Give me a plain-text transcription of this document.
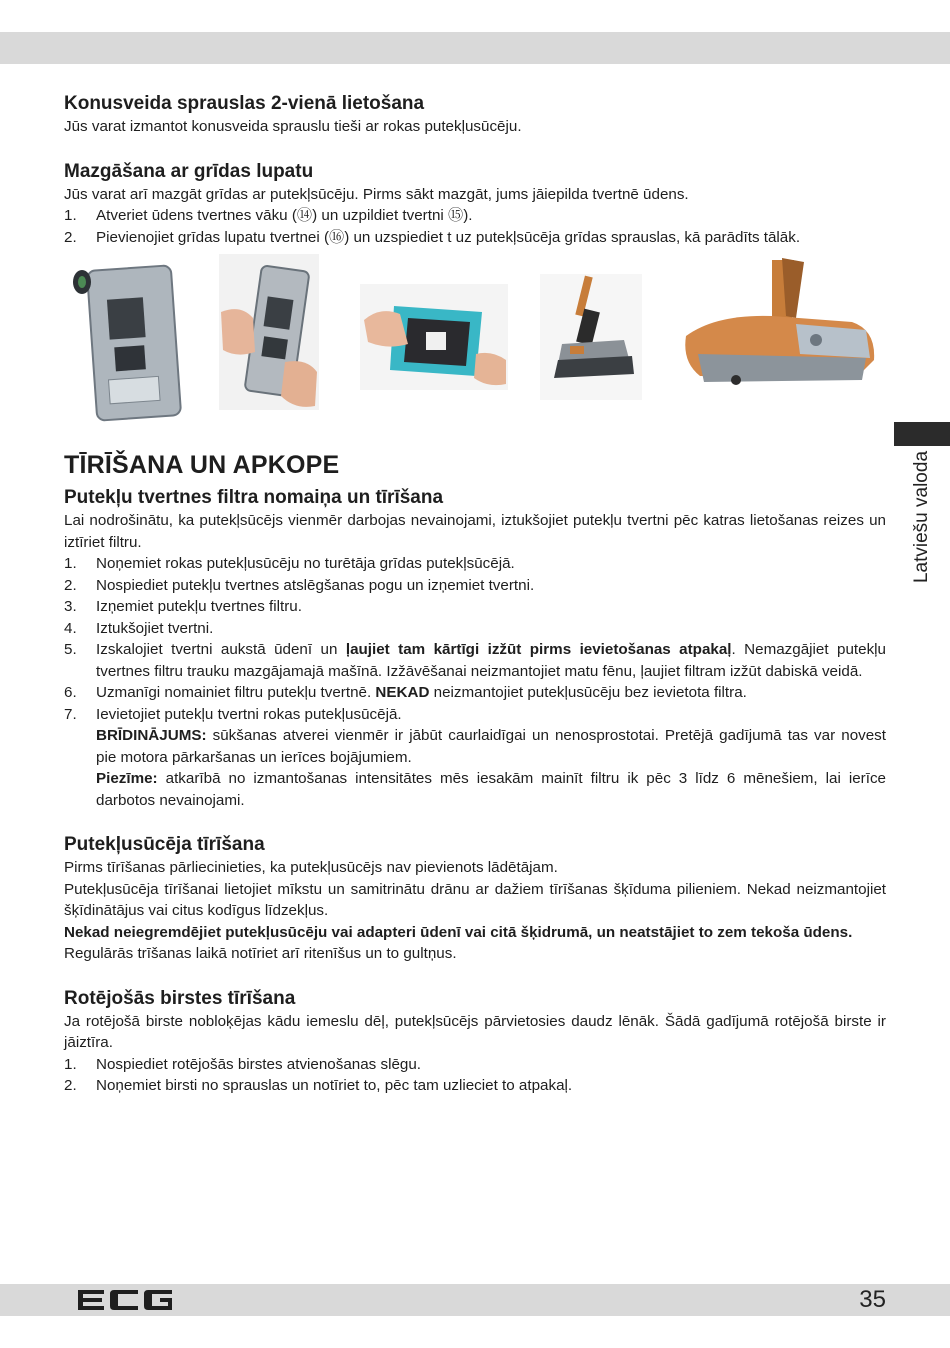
Latviešu valoda
Konusveida sprauslas 2-vienā lietošana

Jūs varat izmantot konusveida sprauslu tieši ar rokas putekļusūcēju.

Mazgāšana ar grīdas lupatu

Jūs varat arī mazgāt grīdas ar putekļsūcēju. Pirms sākt mazgāt, jums jāiepilda tvertnē ūdens.

1.	Atveriet ūdens tvertnes vāku (⑭) un uzpildiet tvertni ⑮).
2.	Pievienojiet grīdas lupatu tvertnei (⑯) un uzspiediet t uz putekļsūcēja grīdas sprauslas, kā parādīts tālāk.
TĪRĪŠANA UN APKOPE
Putekļu tvertnes filtra nomaiņa un tīrīšana

Lai nodrošinātu, ka putekļsūcējs vienmēr darbojas nevainojami, iztukšojiet putekļu tvertni pēc katras lietošanas reizes un iztīriet filtru.

1.	Noņemiet rokas putekļusūcēju no turētāja grīdas putekļsūcējā.
2.	Nospiediet putekļu tvertnes atslēgšanas pogu un izņemiet tvertni.
3.	Izņemiet putekļu tvertnes filtru.
4.	Iztukšojiet tvertni.
5.	Izskalojiet tvertni aukstā ūdenī un ļaujiet tam kārtīgi izžūt pirms ievietošanas atpakaļ. Nemazgājiet putekļu tvertnes filtru trauku mazgājamajā mašīnā. Izžāvēšanai neizmantojiet matu fēnu, ļaujiet filtram izžūt dabiskā veidā.
6.	Uzmanīgi nomainiet filtru putekļu tvertnē. NEKAD neizmantojiet putekļusūcēju bez ievietota filtra.
7.	Ievietojiet putekļu tvertni rokas putekļusūcējā.

BRĪDINĀJUMS: sūkšanas atverei vienmēr ir jābūt caurlaidīgai un nenosprostotai. Pretējā gadījumā tas var novest pie motora pārkaršanas un ierīces bojājumiem.

Piezīme: atkarībā no izmantošanas intensitātes mēs iesakām mainīt filtru ik pēc 3 līdz 6 mēnešiem, lai ierīce darbotos nevainojami.

Putekļusūcēja tīrīšana

Pirms tīrīšanas pārliecinieties, ka putekļusūcējs nav pievienots lādētājam.

Putekļusūcēja tīrīšanai lietojiet mīkstu un samitrinātu drānu ar dažiem tīrīšanas šķīduma pilieniem. Nekad neizmantojiet šķīdinātājus vai citus kodīgus līdzekļus.

Nekad neiegremdējiet putekļusūcēju vai adapteri ūdenī vai citā šķidrumā, un neatstājiet to zem tekoša ūdens.

Regulārās trīšanas laikā notīriet arī ritenīšus un to gultņus.

Rotējošās birstes tīrīšana

Ja rotējošā birste nobloķējas kādu iemeslu dēļ, putekļsūcējs pārvietosies daudz lēnāk. Šādā gadījumā rotējošā birste ir jāiztīra.

1.	Nospiediet rotējošās birstes atvienošanas slēgu.
2.	Noņemiet birsti no sprauslas un notīriet to, pēc tam uzlieciet to atpakaļ.
35
